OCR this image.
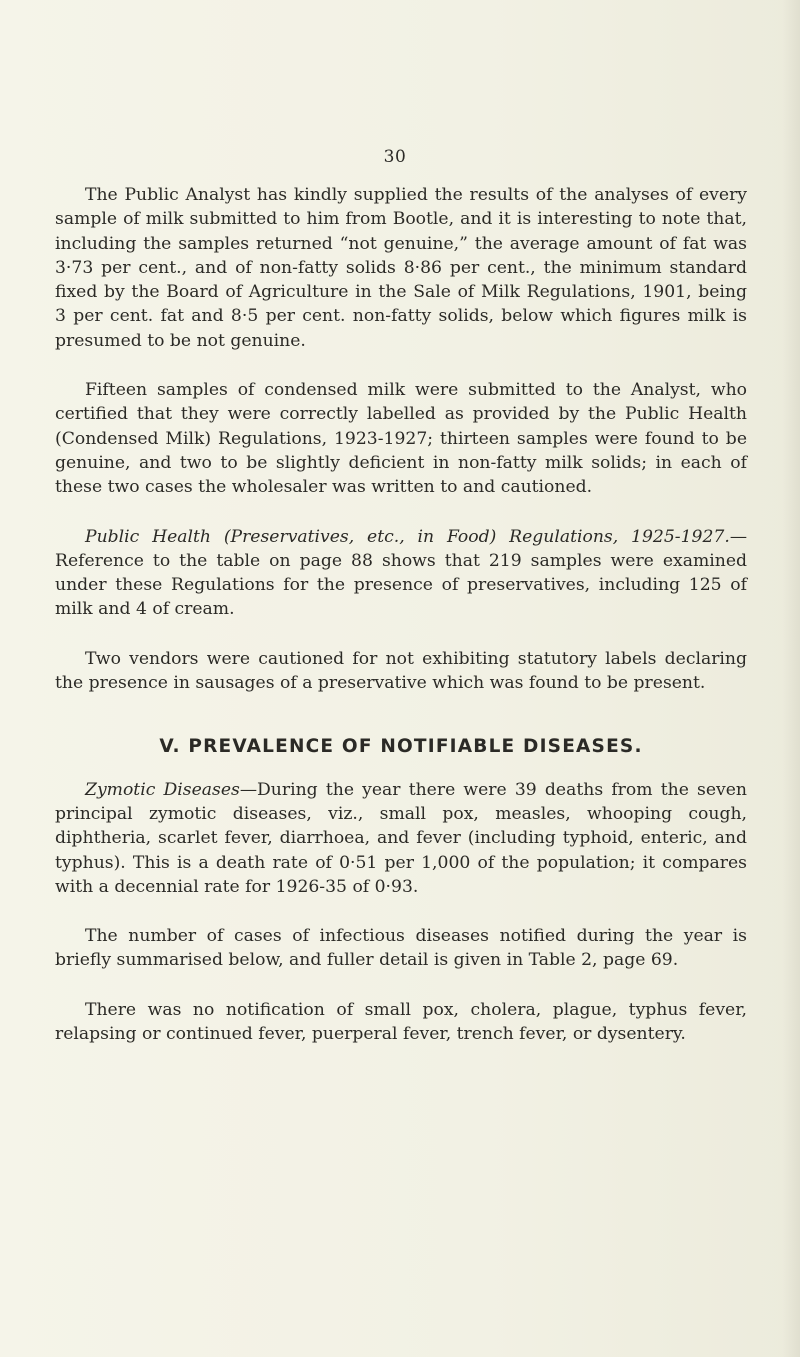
30

The Public Analyst has kindly supplied the results of the analyses of every sample of milk submitted to him from Bootle, and it is interesting to note that, including the samples returned “not genuine,” the average amount of fat was 3·73 per cent., and of non-fatty solids 8·86 per cent., the minimum standard fixed by the Board of Agriculture in the Sale of Milk Regulations, 1901, being 3 per cent. fat and 8·5 per cent. non-fatty solids, below which figures milk is presumed to be not genuine.

Fifteen samples of condensed milk were submitted to the Analyst, who certified that they were correctly labelled as provided by the Public Health (Condensed Milk) Regulations, 1923-1927; thirteen samples were found to be genuine, and two to be slightly deficient in non-fatty milk solids; in each of these two cases the wholesaler was written to and cautioned.

Public Health (Preservatives, etc., in Food) Regulations, 1925-1927.—Reference to the table on page 88 shows that 219 samples were examined under these Regulations for the presence of preservatives, including 125 of milk and 4 of cream.

Two vendors were cautioned for not exhibiting statutory labels declaring the presence in sausages of a preservative which was found to be present.

V. PREVALENCE OF NOTIFIABLE DISEASES.

Zymotic Diseases—During the year there were 39 deaths from the seven principal zymotic diseases, viz., small pox, measles, whooping cough, diphtheria, scarlet fever, diarrhoea, and fever (including typhoid, enteric, and typhus). This is a death rate of 0·51 per 1,000 of the population; it compares with a decennial rate for 1926-35 of 0·93.

The number of cases of infectious diseases notified during the year is briefly summarised below, and fuller detail is given in Table 2, page 69.

There was no notification of small pox, cholera, plague, typhus fever, relapsing or continued fever, puerperal fever, trench fever, or dysentery.
